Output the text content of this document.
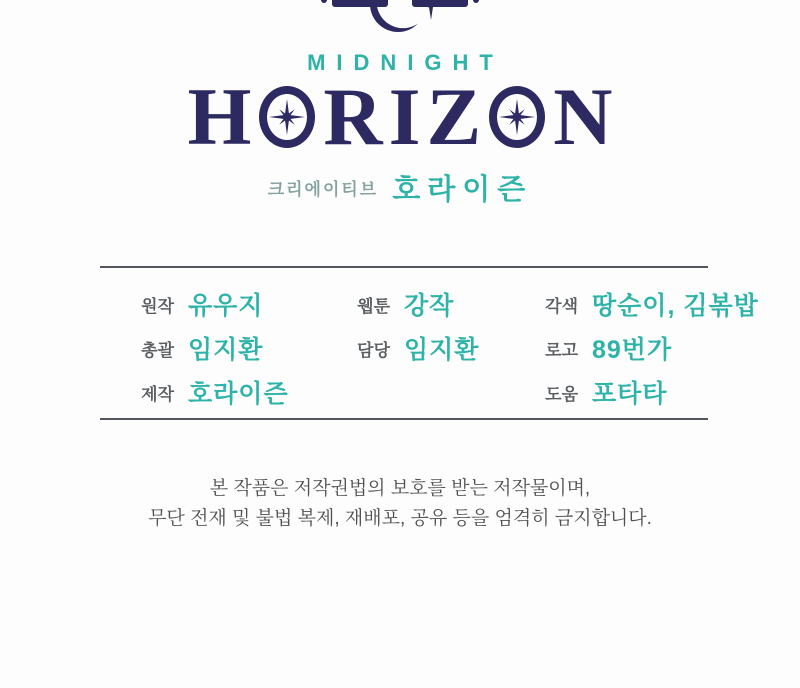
MIDNIGHT
H R I Z N
크리에이티브 호라이즌
원작 유우지
총괄 임지환
제작 호라이즌
웹툰 강작
담당 임지환
각색 땅순이, 김볶밥
로고 89번가
도움 포타타
본 작품은 저작권법의 보호를 받는 저작물이며,
무단 전재 및 불법 복제, 재배포, 공유 등을 엄격히 금지합니다.
